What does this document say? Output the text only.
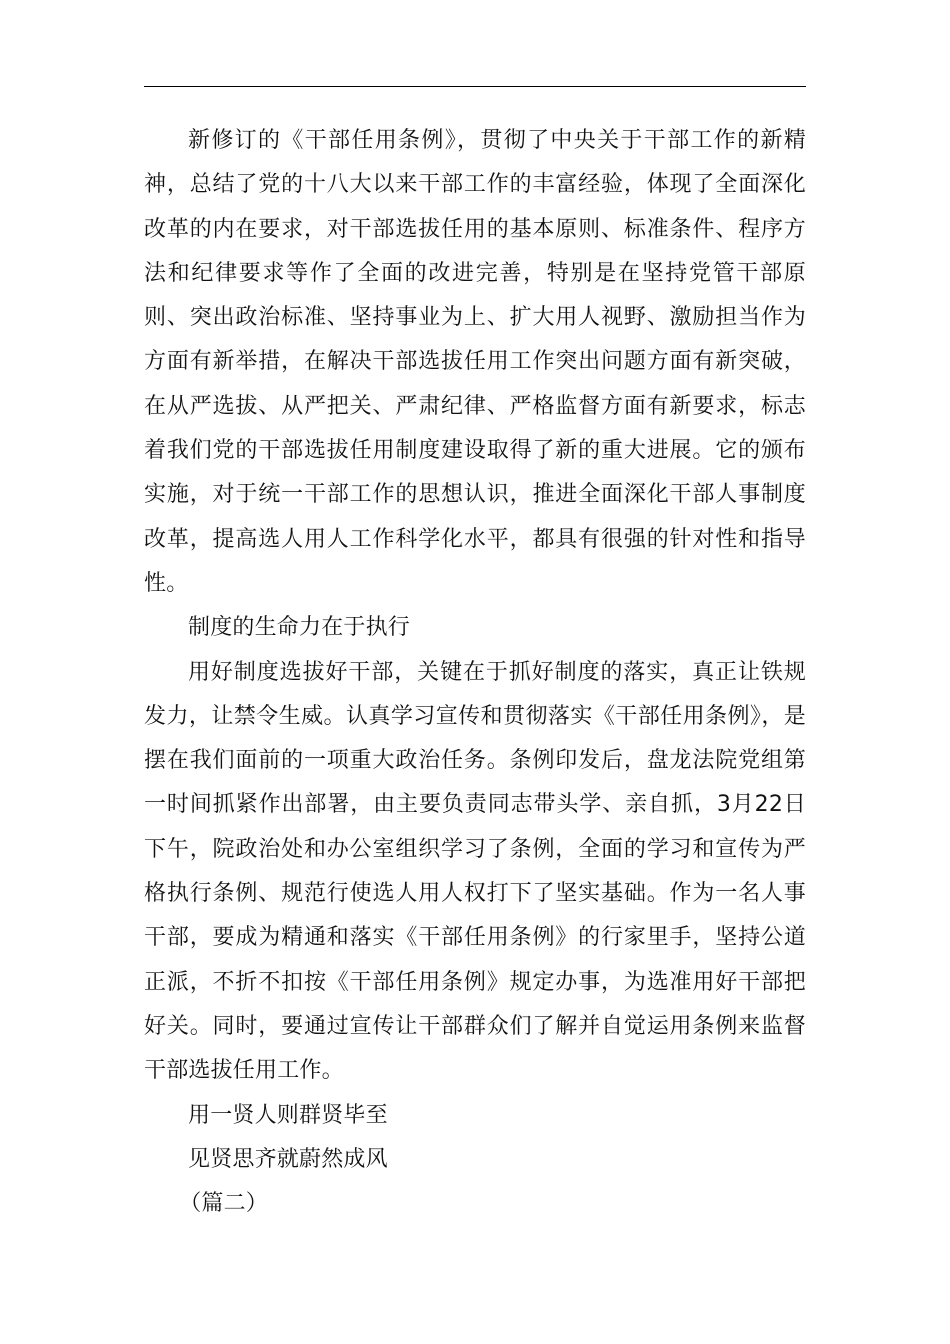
新修订的《干部任用条例》，贯彻了中央关于干部工作的新精神，总结了党的十八大以来干部工作的丰富经验，体现了全面深化改革的内在要求，对干部选拔任用的基本原则、标准条件、程序方法和纪律要求等作了全面的改进完善，特别是在坚持党管干部原则、突出政治标准、坚持事业为上、扩大用人视野、激励担当作为方面有新举措，在解决干部选拔任用工作突出问题方面有新突破，在从严选拔、从严把关、严肃纪律、严格监督方面有新要求，标志着我们党的干部选拔任用制度建设取得了新的重大进展。它的颁布实施，对于统一干部工作的思想认识，推进全面深化干部人事制度改革，提高选人用人工作科学化水平，都具有很强的针对性和指导性。

制度的生命力在于执行

用好制度选拔好干部，关键在于抓好制度的落实，真正让铁规发力，让禁令生威。认真学习宣传和贯彻落实《干部任用条例》，是摆在我们面前的一项重大政治任务。条例印发后，盘龙法院党组第一时间抓紧作出部署，由主要负责同志带头学、亲自抓，3月22日下午，院政治处和办公室组织学习了条例，全面的学习和宣传为严格执行条例、规范行使选人用人权打下了坚实基础。作为一名人事干部，要成为精通和落实《干部任用条例》的行家里手，坚持公道正派，不折不扣按《干部任用条例》规定办事，为选准用好干部把好关。同时，要通过宣传让干部群众们了解并自觉运用条例来监督干部选拔任用工作。

用一贤人则群贤毕至

见贤思齐就蔚然成风

（篇二）
